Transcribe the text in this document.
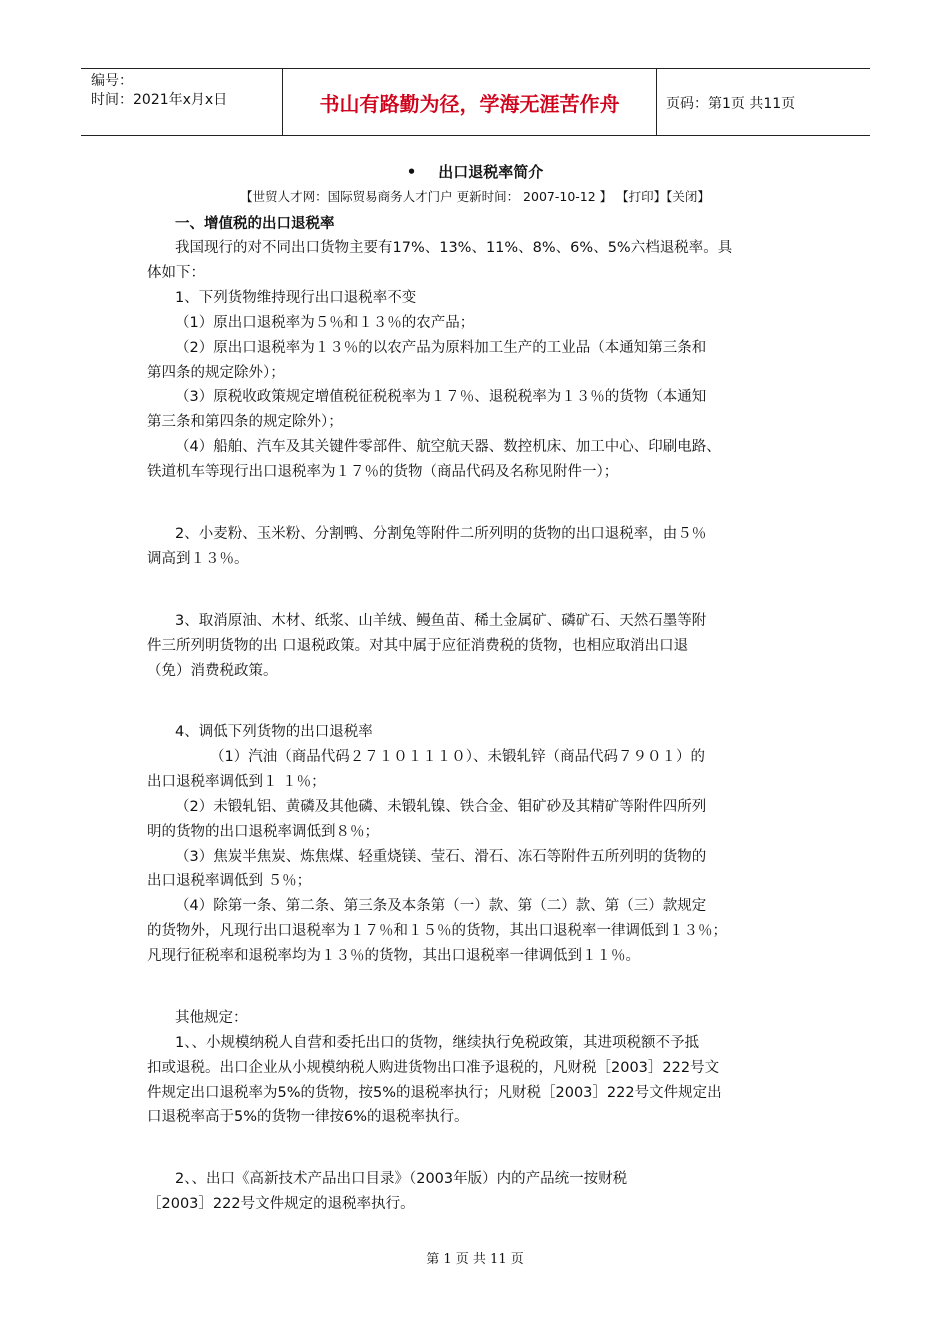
编号：
时间：2021年x月x日	书山有路勤为径，学海无涯苦作舟	页码：第1页 共11页
• 出口退税率简介
【世贸人才网：国际贸易商务人才门户 更新时间： 2007-10-12 】 【打印】【关闭】
一、增值税的出口退税率
我国现行的对不同出口货物主要有17%、13%、11%、8%、6%、5%六档退税率。具
体如下：
1、下列货物维持现行出口退税率不变
（1）原出口退税率为５％和１３％的农产品；
（2）原出口退税率为１３％的以农产品为原料加工生产的工业品（本通知第三条和
第四条的规定除外）；
（3）原税收政策规定增值税征税税率为１７％、退税税率为１３％的货物（本通知
第三条和第四条的规定除外）；
（4）船舶、汽车及其关键件零部件、航空航天器、数控机床、加工中心、印刷电路、
铁道机车等现行出口退税率为１７％的货物（商品代码及名称见附件一）；
2、小麦粉、玉米粉、分割鸭、分割兔等附件二所列明的货物的出口退税率，由５％
调高到１３％。
3、取消原油、木材、纸浆、山羊绒、鳗鱼苗、稀土金属矿、磷矿石、天然石墨等附
件三所列明货物的出 口退税政策。对其中属于应征消费税的货物，也相应取消出口退
（免）消费税政策。
4、调低下列货物的出口退税率
（1）汽油（商品代码２７１０１１１０）、未锻轧锌（商品代码７９０１）的
出口退税率调低到１ １％；
（2）未锻轧铝、黄磷及其他磷、未锻轧镍、铁合金、钼矿砂及其精矿等附件四所列
明的货物的出口退税率调低到８％；
（3）焦炭半焦炭、炼焦煤、轻重烧镁、莹石、滑石、冻石等附件五所列明的货物的
出口退税率调低到 ５％；
（4）除第一条、第二条、第三条及本条第（一）款、第（二）款、第（三）款规定
的货物外，凡现行出口退税率为１７％和１５％的货物，其出口退税率一律调低到１３％；
凡现行征税率和退税率均为１３％的货物，其出口退税率一律调低到１１％。
其他规定：
1、、小规模纳税人自营和委托出口的货物，继续执行免税政策，其进项税额不予抵
扣或退税。出口企业从小规模纳税人购进货物出口准予退税的，凡财税［2003］222号文
件规定出口退税率为5%的货物，按5%的退税率执行；凡财税［2003］222号文件规定出
口退税率高于5%的货物一律按6%的退税率执行。
2、、出口《高新技术产品出口目录》（2003年版）内的产品统一按财税
［2003］222号文件规定的退税率执行。
第 1 页 共 11 页
